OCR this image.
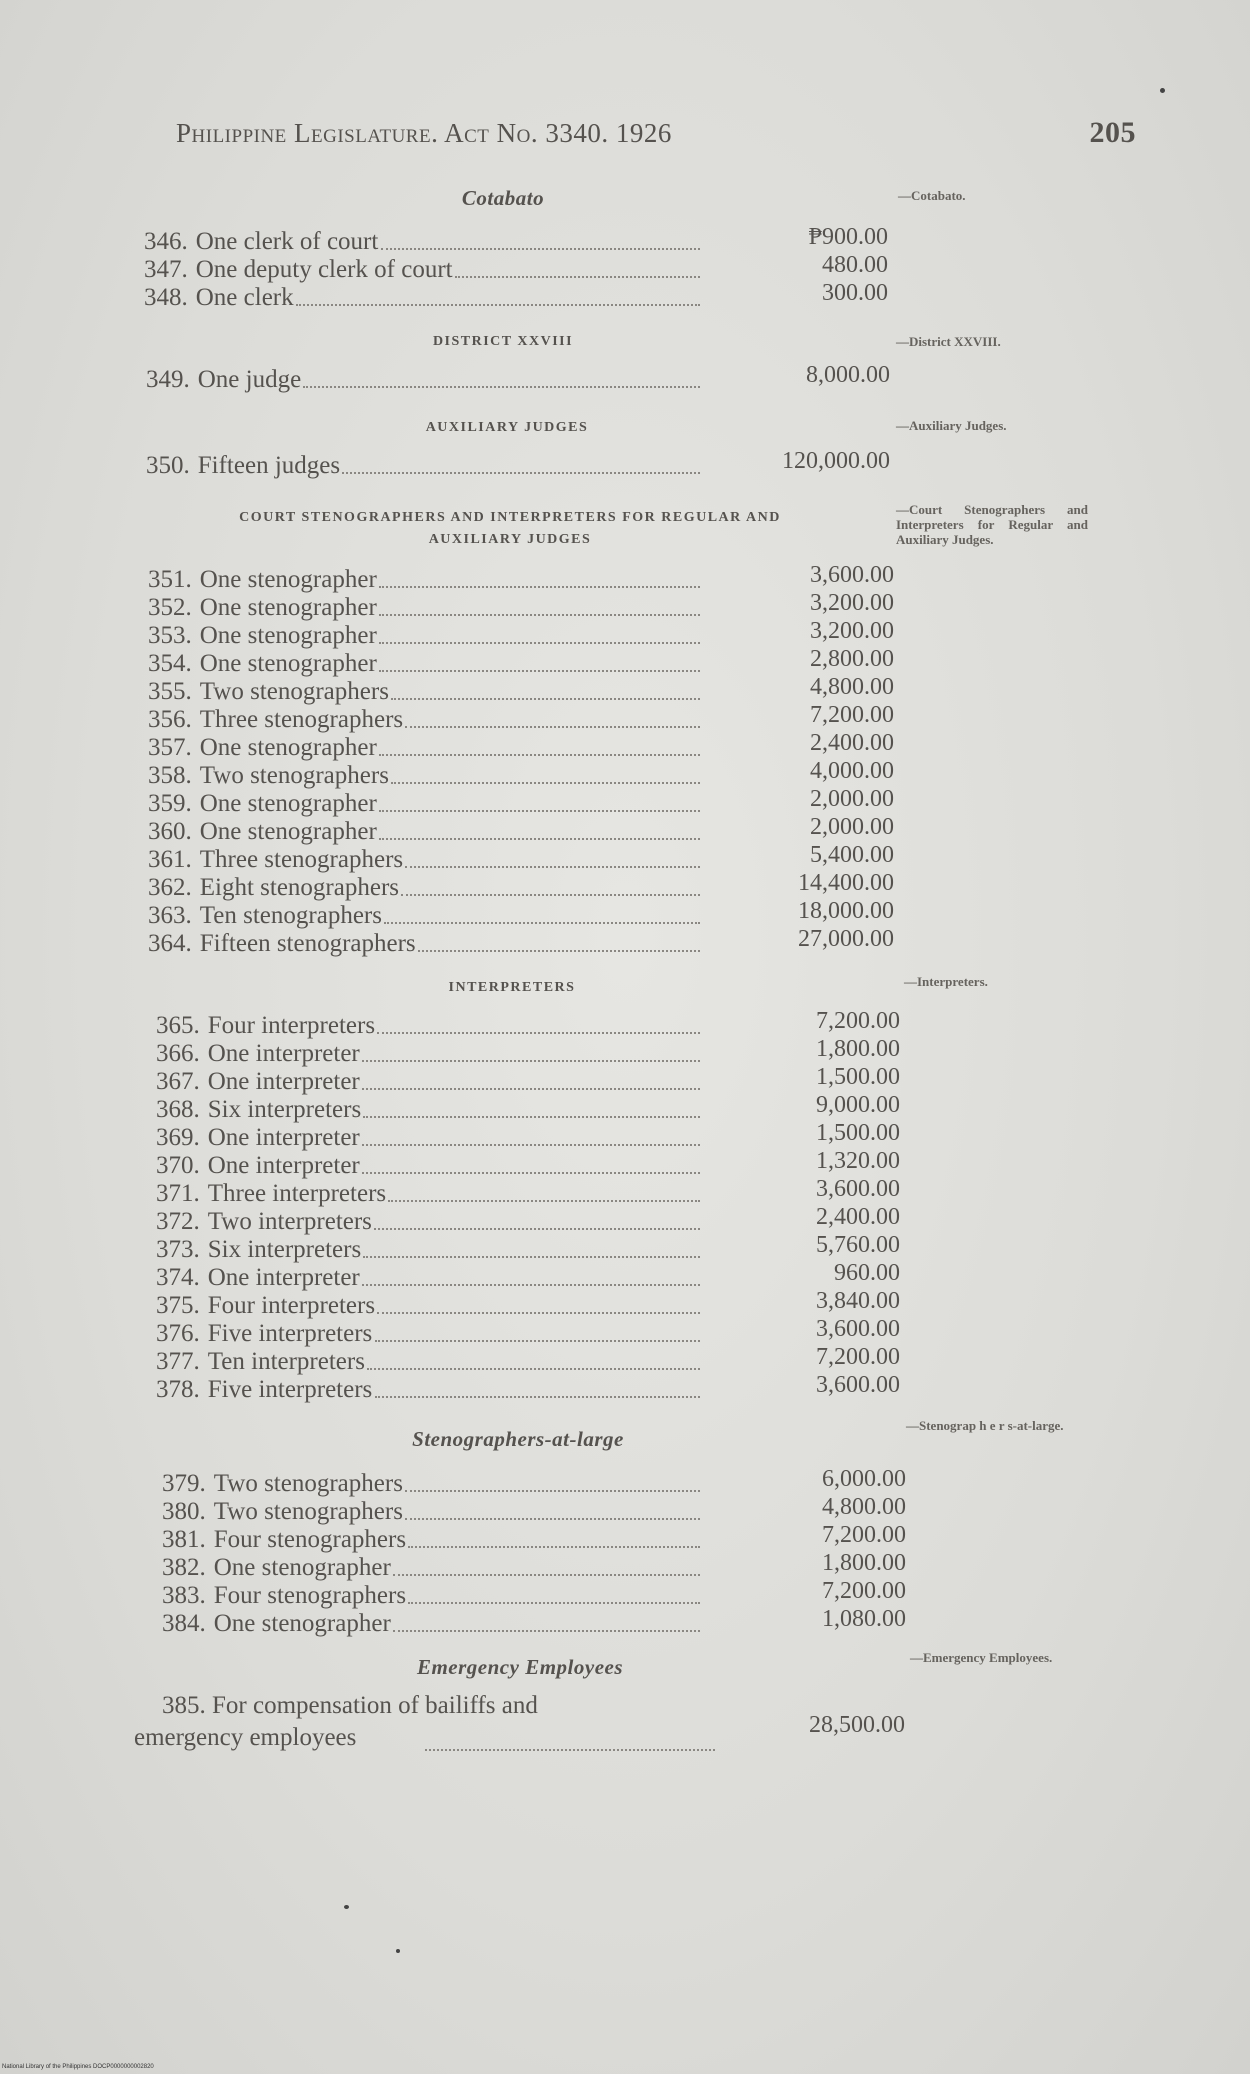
Philippine Legislature. Act No. 3340. 1926	205
Cotabato
DISTRICT XXVIII
AUXILIARY JUDGES
COURT STENOGRAPHERS AND INTERPRETERS FOR REGULAR AND
AUXILIARY JUDGES
INTERPRETERS
Stenographers-at-large
Emergency Employees
—Cotabato.
—District XXVIII.
—Auxiliary Judges.
—Court Stenographers and Interpreters for Regular and Auxiliary Judges.
—Interpreters.
—Stenograp h e r s-at-large.
—Emergency Employees.
346. One clerk of court	₱900.00
347. One deputy clerk of court	480.00
348. One clerk	300.00
349. One judge	8,000.00
350. Fifteen judges	120,000.00
351. One stenographer	3,600.00
352. One stenographer	3,200.00
353. One stenographer	3,200.00
354. One stenographer	2,800.00
355. Two stenographers	4,800.00
356. Three stenographers	7,200.00
357. One stenographer	2,400.00
358. Two stenographers	4,000.00
359. One stenographer	2,000.00
360. One stenographer	2,000.00
361. Three stenographers	5,400.00
362. Eight stenographers	14,400.00
363. Ten stenographers	18,000.00
364. Fifteen stenographers	27,000.00
365. Four interpreters	7,200.00
366. One interpreter	1,800.00
367. One interpreter	1,500.00
368. Six interpreters	9,000.00
369. One interpreter	1,500.00
370. One interpreter	1,320.00
371. Three interpreters	3,600.00
372. Two interpreters	2,400.00
373. Six interpreters	5,760.00
374. One interpreter	960.00
375. Four interpreters	3,840.00
376. Five interpreters	3,600.00
377. Ten interpreters	7,200.00
378. Five interpreters	3,600.00
379. Two stenographers	6,000.00
380. Two stenographers	4,800.00
381. Four stenographers	7,200.00
382. One stenographer	1,800.00
383. Four stenographers	7,200.00
384. One stenographer	1,080.00
385. For compensation of bailiffs and
emergency employees	28,500.00
National Library of the Philippines DOCP0000000002820
